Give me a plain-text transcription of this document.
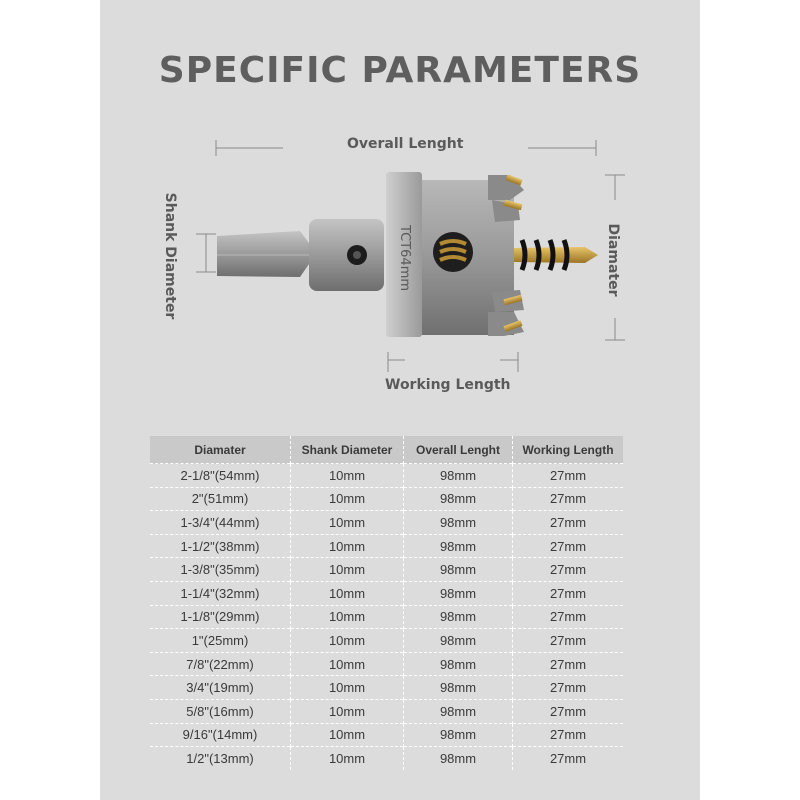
SPECIFIC PARAMETERS
TCT64mm
Overall Lenght
Working Length
Shank Diameter	Diamater
Diamater	Shank Diameter	Overall Lenght	Working Length
2-1/8"(54mm)	10mm	98mm	27mm
2"(51mm)	10mm	98mm	27mm
1-3/4"(44mm)	10mm	98mm	27mm
1-1/2"(38mm)	10mm	98mm	27mm
1-3/8"(35mm)	10mm	98mm	27mm
1-1/4"(32mm)	10mm	98mm	27mm
1-1/8"(29mm)	10mm	98mm	27mm
1"(25mm)	10mm	98mm	27mm
7/8"(22mm)	10mm	98mm	27mm
3/4"(19mm)	10mm	98mm	27mm
5/8"(16mm)	10mm	98mm	27mm
9/16"(14mm)	10mm	98mm	27mm
1/2"(13mm)	10mm	98mm	27mm
